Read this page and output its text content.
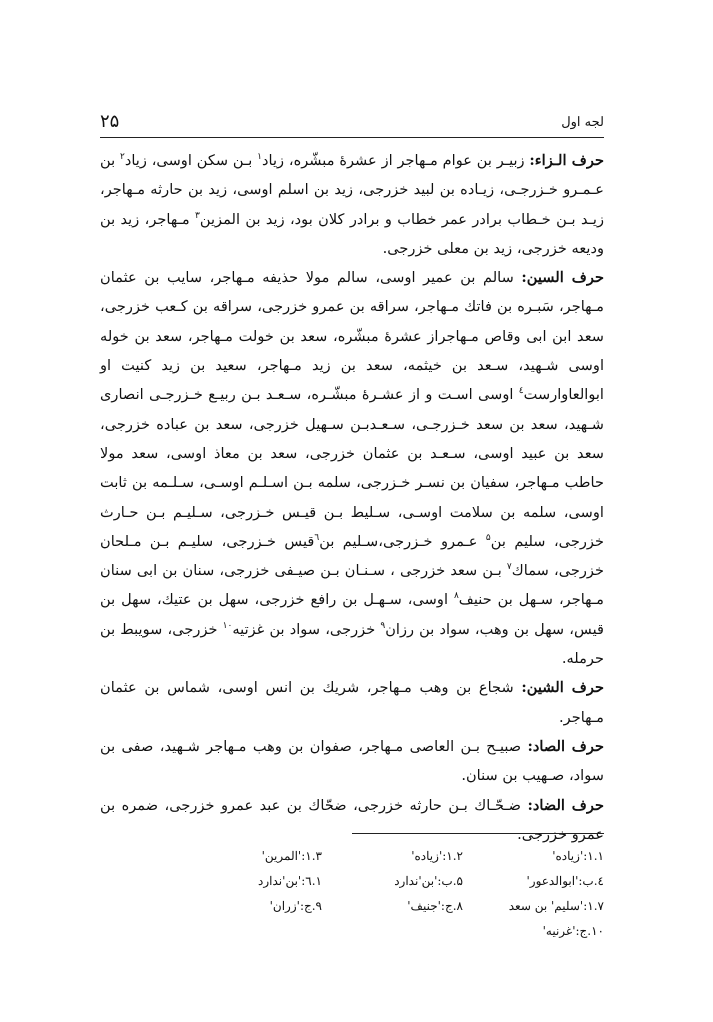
لجه اول
۲۵

حرف الـزاء: زبیـر بن عوام مـهاجر از عشرهٔ مبشّره، زیاد$^۱$ بـن سکن اوسی، زیاد$^۲$ بن عـمـرو خـزرجـی، زیـاده بن لبید خزرجی، زید بن اسلم اوسی، زید بن حارثه مـهاجر، زیـد بـن خـطاب برادر عمر خطاب و برادر کلان بود، زید بن المزین$^۳$ مـهاجر، زید بن ودیعه خزرجی، زید بن معلی خزرجی.

حرف السین: سالم بن عمیر اوسی، سالم مولا حذیفه مـهاجر، سایب بن عثمان مـهاجر، سَبـره بن فاتك مـهاجر، سراقه بن عمرو خزرجی، سراقه بن کـعب خزرجی، سعد ابن ابی وقاص مـهاجراز عشرهٔ مبشّره، سعد بن خولت مـهاجر، سعد بن خوله اوسی شـهید، سـعد بن خیثمه، سعد بن زید مـهاجر، سعید بن زید کنیت او ابوالعاوارست$^٤$ اوسی اسـت و از عشـرهٔ مبشّـره، سـعـد بـن ربیـع خـزرجـی انصاری شـهید، سعد بن سعد خـزرجـی، سـعـدبـن سـهیل خزرجی، سعد بن عباده خزرجی، سعد بن عبید اوسی، سـعـد بن عثمان خزرجی، سعد بن معاذ اوسی، سعد مولا حاطب مـهاجر، سفیان بن نسـر خـزرجی، سلمه بـن اسـلـم اوسـی، سـلـمه بن ثابت اوسی، سلمه بن سلامت اوسـی، سـلیط بـن قیـس خـزرجی، سـلیـم بـن حـارث خزرجی، سلیم بن$^۵$ عـمرو خـزرجی،سـلیم بن$^٦$قیس خـزرجی، سلیـم بـن مـلحان خزرجی، سماك$^۷$ بـن سعد خزرجی ، سـنـان بـن صیـفی خزرجی، سنان بن ابی سنان مـهاجر، سـهل بن حنیف$^۸$ اوسی، سـهـل بن رافع خزرجی، سهل بن عتیك، سهل بن قیس، سهل بن وهب، سواد بن رزان$^۹$ خزرجی، سواد بن غزتیه$^{۱۰}$ خزرجی، سویبط بن حرمله.

حرف الشین: شجاع بن وهب مـهاجر، شریك بن انس اوسی، شماس بن عثمان مـهاجر.

حرف الصاد: صبیـح بـن العاصی مـهاجر، صفوان بن وهب مـهاجر شـهید، صفی بن سواد، صـهیب بن سنان.

حرف الضاد: ضـحّـاك بـن حارثه خزرجی، ضحّاك بن عبد عمرو خزرجی، ضمره بن عمرو خزرجی.

۱.۱:'زیاده'
۱.۲:'زیاده'
۱.۳:'المرین'
٤.ب:'ابوالدعور'
۵.ب:'بن'ندارد
۱.٦:'بن'ندارد
۱.۷:'سلیم' بن سعد
۸.ج:'جنیف'
۹.ج:'زران'
۱۰.ج:'غرنیه'
